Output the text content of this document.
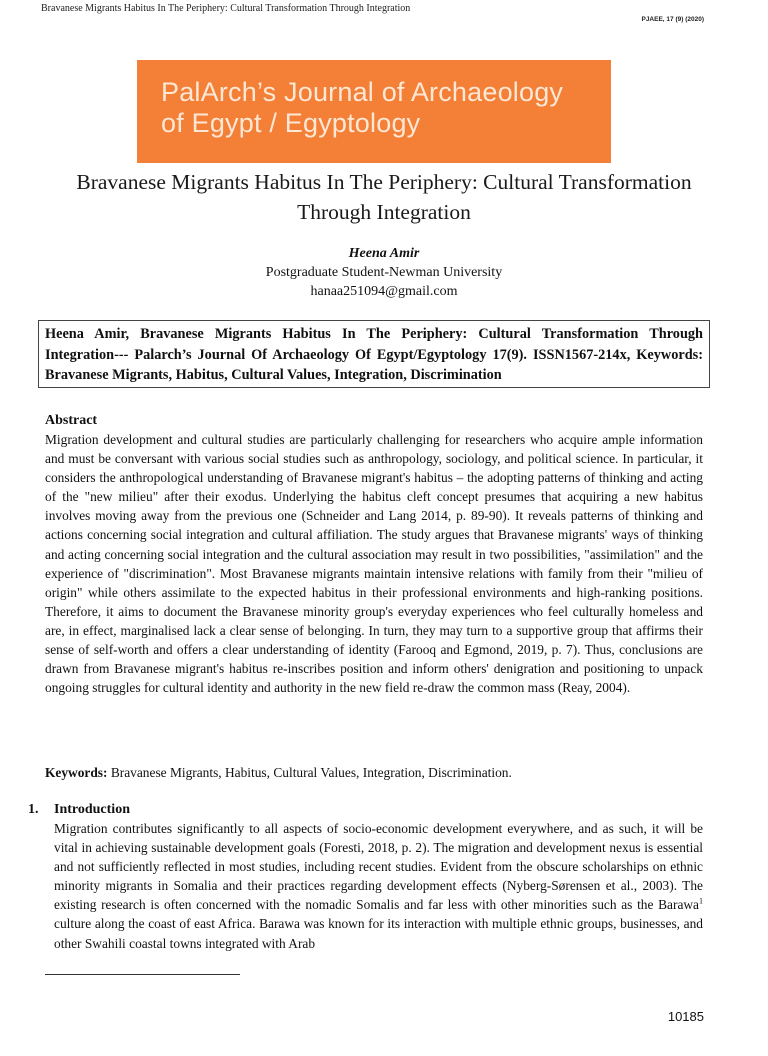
Bravanese Migrants Habitus In The Periphery: Cultural Transformation Through Integration
PJAEE, 17 (9) (2020)
PalArch’s Journal of Archaeology
of Egypt / Egyptology
Bravanese Migrants Habitus In The Periphery: Cultural Transformation
Through Integration
Heena Amir
Postgraduate Student-Newman University
hanaa251094@gmail.com
Heena Amir, Bravanese Migrants Habitus In The Periphery: Cultural Transformation Through Integration--- Palarch’s Journal Of Archaeology Of Egypt/Egyptology 17(9). ISSN1567-214x, Keywords: Bravanese Migrants, Habitus, Cultural Values, Integration, Discrimination
Abstract

Migration development and cultural studies are particularly challenging for researchers who acquire ample information and must be conversant with various social studies such as anthropology, sociology, and political science. In particular, it considers the anthropological understanding of Bravanese migrant's habitus – the adopting patterns of thinking and acting of the "new milieu" after their exodus. Underlying the habitus cleft concept presumes that acquiring a new habitus involves moving away from the previous one (Schneider and Lang 2014, p. 89-90). It reveals patterns of thinking and actions concerning social integration and cultural affiliation. The study argues that Bravanese migrants' ways of thinking and acting concerning social integration and the cultural association may result in two possibilities, "assimilation" and the experience of "discrimination". Most Bravanese migrants maintain intensive relations with family from their "milieu of origin" while others assimilate to the expected habitus in their professional environments and high-ranking positions. Therefore, it aims to document the Bravanese minority group's everyday experiences who feel culturally homeless and are, in effect, marginalised lack a clear sense of belonging. In turn, they may turn to a supportive group that affirms their sense of self-worth and offers a clear understanding of identity (Farooq and Egmond, 2019, p. 7). Thus, conclusions are drawn from Bravanese migrant's habitus re-inscribes position and inform others' denigration and positioning to unpack ongoing struggles for cultural identity and authority in the new field re-draw the common mass (Reay, 2004).

Keywords: Bravanese Migrants, Habitus, Cultural Values, Integration, Discrimination.
1. Introduction

Migration contributes significantly to all aspects of socio-economic development everywhere, and as such, it will be vital in achieving sustainable development goals (Foresti, 2018, p. 2). The migration and development nexus is essential and not sufficiently reflected in most studies, including recent studies. Evident from the obscure scholarships on ethnic minority migrants in Somalia and their practices regarding development effects (Nyberg-Sørensen et al., 2003). The existing research is often concerned with the nomadic Somalis and far less with other minorities such as the Barawa$^1$ culture along the coast of east Africa. Barawa was known for its interaction with multiple ethnic groups, businesses, and other Swahili coastal towns integrated with Arab

10185
